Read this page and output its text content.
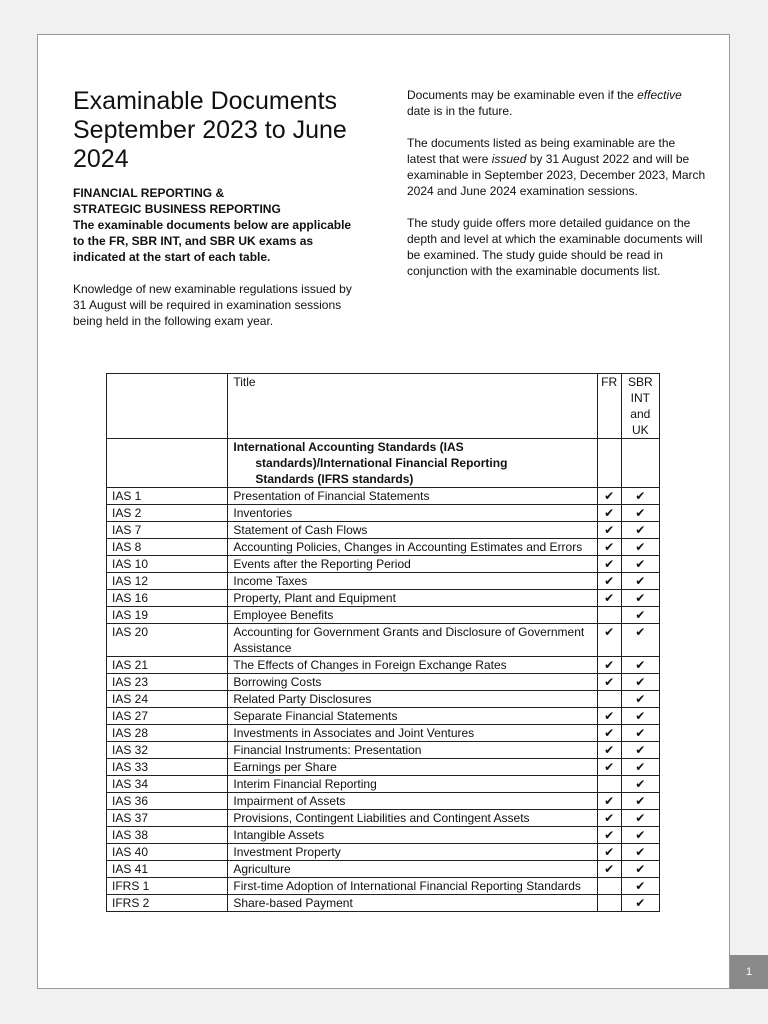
Examinable Documents September 2023 to June 2024

FINANCIAL REPORTING &

STRATEGIC BUSINESS REPORTING

The examinable documents below are applicable to the FR, SBR INT, and SBR UK exams as indicated at the start of each table.

Knowledge of new examinable regulations issued by 31 August will be required in examination sessions being held in the following exam year.

Documents may be examinable even if the effective date is in the future.

The documents listed as being examinable are the latest that were issued by 31 August 2022 and will be examinable in September 2023, December 2023, March 2024 and June 2024 examination sessions.

The study guide offers more detailed guidance on the depth and level at which the examinable documents will be examined. The study guide should be read in conjunction with the examinable documents list.

	Title	FR	SBR INT and UK

	International Accounting Standards (IAS
standards)/International Financial Reporting
Standards (IFRS standards)		

IAS 1	Presentation of Financial Statements	✔	✔
IAS 2	Inventories	✔	✔
IAS 7	Statement of Cash Flows	✔	✔
IAS 8	Accounting Policies, Changes in Accounting Estimates and Errors	✔	✔
IAS 10	Events after the Reporting Period	✔	✔
IAS 12	Income Taxes	✔	✔
IAS 16	Property, Plant and Equipment	✔	✔
IAS 19	Employee Benefits		✔
IAS 20	Accounting for Government Grants and Disclosure of Government Assistance	✔	✔
IAS 21	The Effects of Changes in Foreign Exchange Rates	✔	✔
IAS 23	Borrowing Costs	✔	✔
IAS 24	Related Party Disclosures		✔
IAS 27	Separate Financial Statements	✔	✔
IAS 28	Investments in Associates and Joint Ventures	✔	✔
IAS 32	Financial Instruments: Presentation	✔	✔
IAS 33	Earnings per Share	✔	✔
IAS 34	Interim Financial Reporting		✔
IAS 36	Impairment of Assets	✔	✔
IAS 37	Provisions, Contingent Liabilities and Contingent Assets	✔	✔
IAS 38	Intangible Assets	✔	✔
IAS 40	Investment Property	✔	✔
IAS 41	Agriculture	✔	✔
IFRS 1	First-time Adoption of International Financial Reporting Standards		✔
IFRS 2	Share-based Payment		✔
1
